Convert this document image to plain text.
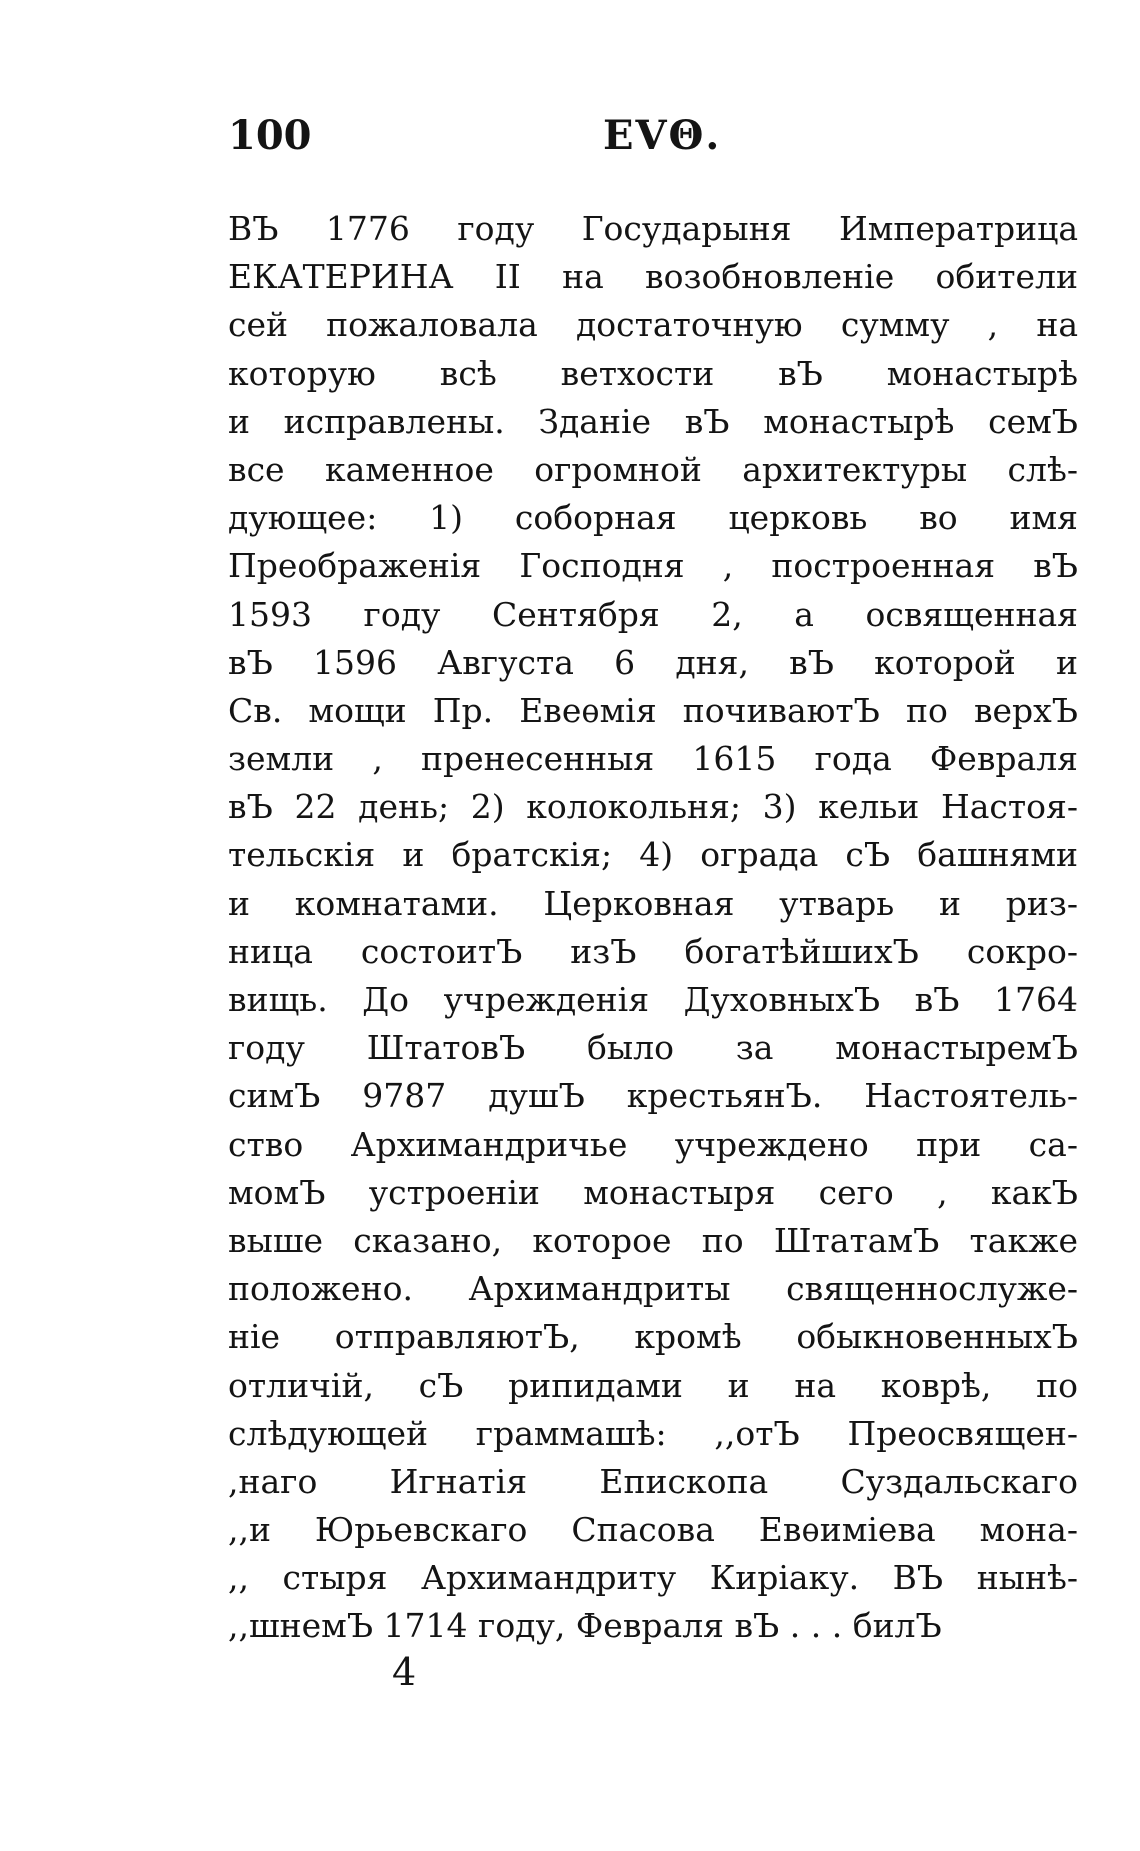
100	EVΘ.
ВЪ 1776 году Государыня Императрица
ЕКАТЕРИНА II на возобновленіе обители
сей пожаловала достаточную сумму , на
которую всѣ ветхости вЪ монастырѣ
и исправлены. Зданіе вЪ монастырѣ семЪ
все каменное огромной архитектуры слѣ-
дующее: 1) соборная церковь во имя
Преображенія Господня , построенная вЪ
1593 году Сентября 2, а освященная
вЪ 1596 Августа 6 дня, вЪ которой и
Св. мощи Пр. Евеѳмія почиваютЪ по верхЪ
земли , пренесенныя 1615 года Февраля
вЪ 22 день; 2) колокольня; 3) кельи Настоя-
тельскія и братскія; 4) ограда сЪ башнями
и комнатами. Церковная утварь и риз-
ница состоитЪ изЪ богатѣйшихЪ сокро-
вищь. До учрежденія ДуховныхЪ вЪ 1764
году ШтатовЪ было за монастыремЪ
симЪ 9787 душЪ крестьянЪ. Настоятель-
ство Архимандричье учреждено при са-
момЪ устроеніи монастыря сего , какЪ
выше сказано, которое по ШтатамЪ также
положено. Архимандриты священнослуже-
ніе отправляютЪ, кромѣ обыкновенныхЪ
отличій, сЪ рипидами и на коврѣ, по
слѣдующей граммашѣ: ,,отЪ Преосвящен-
,наго Игнатія Епископа Суздальскаго
,,и Юрьевскаго Спасова Евѳиміева мона-
,, стыря Архимандриту Кирiаку. ВЪ нынѣ-
,,шнемЪ 1714 году, Февраля вЪ . . . билЪ
4
